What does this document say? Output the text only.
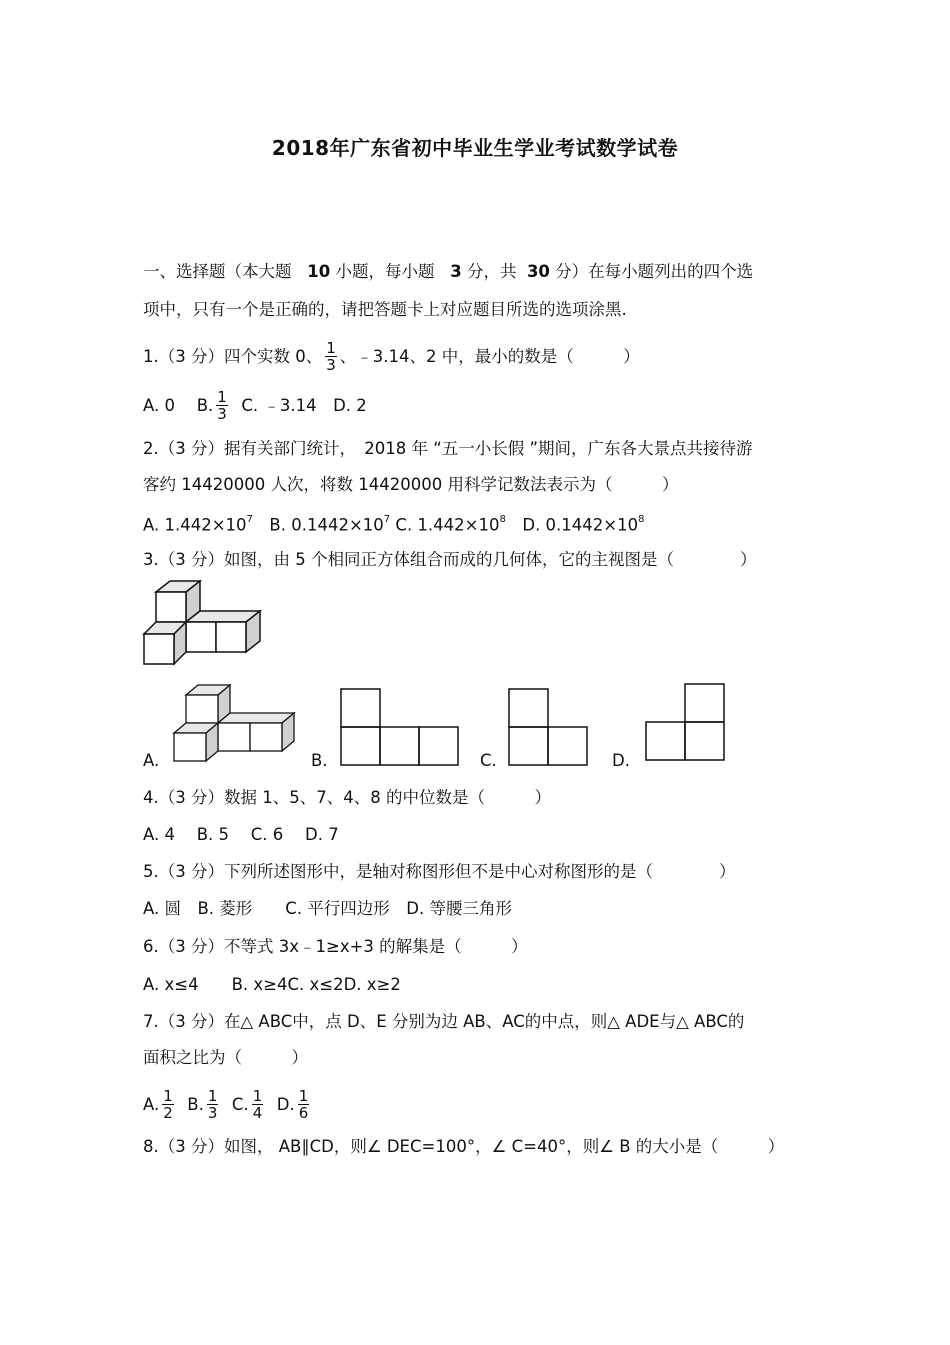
2018年广东省初中毕业生学业考试数学试卷
一、选择题（本大题 10 小题，每小题 3 分，共 30 分）在每小题列出的四个选
项中，只有一个是正确的，请把答题卡上对应题目所选的选项涂黑.
1.（3 分）四个实数 0、 $\frac{1}{3}$ 、﹣3.14、2 中，最小的数是（　　　）
A. 0　 B. $\frac{1}{3} C$. ﹣3.14　D. 2
2.（3 分）据有关部门统计，　2018 年 “五一小长假 ”期间，广东各大景点共接待游
客约 14420000 人次，将数 14420000 用科学记数法表示为（　　　）
A. $1.442\times 10^7$　B. $0.1442\times 10^7$ C. $1.442\times 10^8$　D. $0.1442\times 10^8$
3.（3 分）如图，由 5 个相同正方体组合而成的几何体，它的主视图是（　　　　）
A.	B.	C.	D.
4.（3 分）数据 1、5、7、4、8 的中位数是（　　　）
A. 4　 B. 5　 C. 6　 D. 7
5.（3 分）下列所述图形中，是轴对称图形但不是中心对称图形的是（　　　　）
A. 圆　B. 菱形　　C. 平行四边形　D. 等腰三角形
6.（3 分）不等式 3x﹣1≥x+3 的解集是（　　　）
A. x≤4　　B. x≥4C. x≤2D. x≥2
7.（3 分）在△ ABC中，点 D、E 分别为边 AB、AC的中点，则△ ADE与△ ABC的
面积之比为（　　　）
A. $\frac{1}{2} B$. $\frac{1}{3} C$. $\frac{1}{4} D$. $\frac{1}{6}$
8.（3 分）如图， AB∥CD，则∠ DEC=100°，∠ C=40°，则∠ B 的大小是（　　　）
